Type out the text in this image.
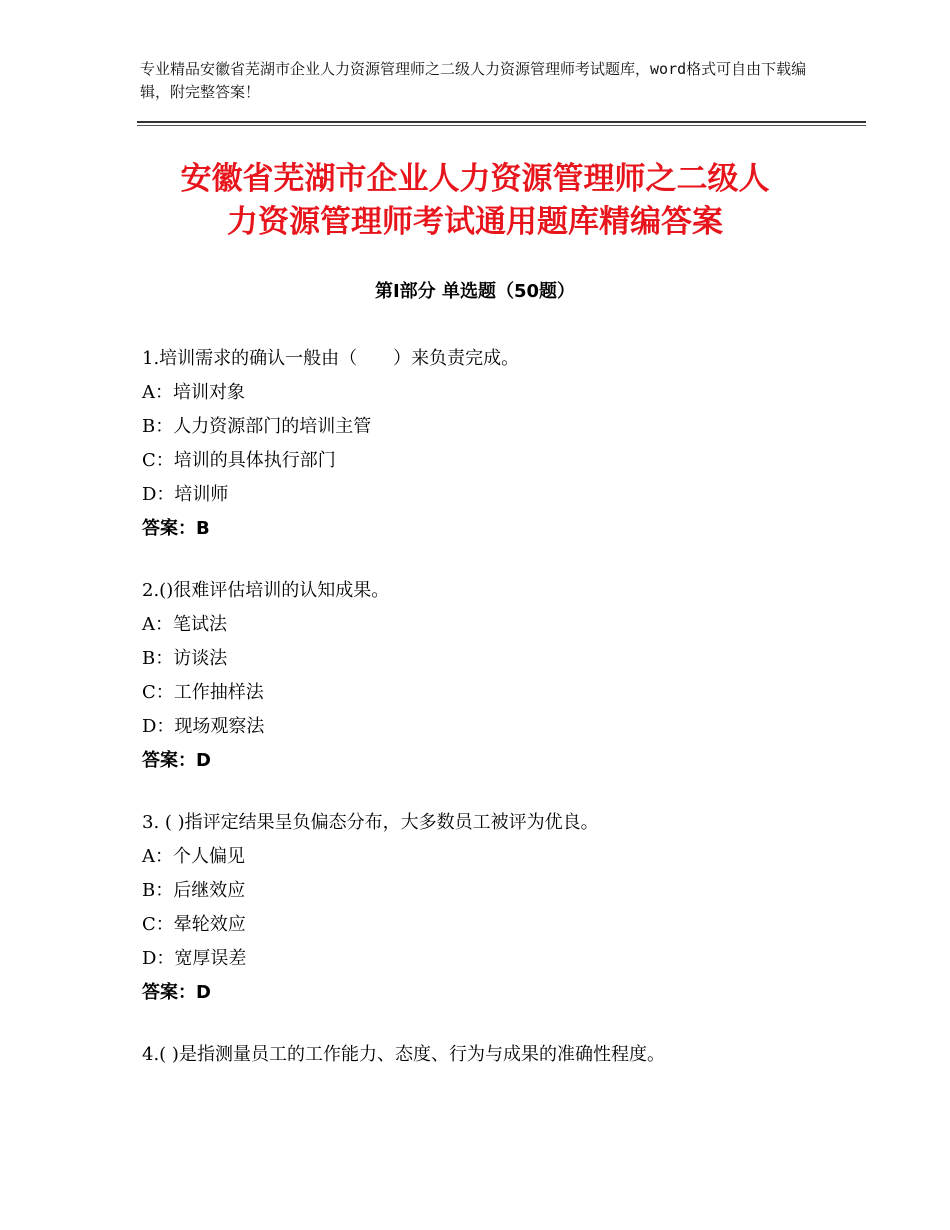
专业精品安徽省芜湖市企业人力资源管理师之二级人力资源管理师考试题库，word格式可自由下载编辑，附完整答案！
安徽省芜湖市企业人力资源管理师之二级人
力资源管理师考试通用题库精编答案
第Ⅰ部分 单选题（50题）
1.培训需求的确认一般由（　　）来负责完成。
A：培训对象
B：人力资源部门的培训主管
C：培训的具体执行部门
D：培训师
答案：B
2.()很难评估培训的认知成果。
A：笔试法
B：访谈法
C：工作抽样法
D：现场观察法
答案：D
3. ( )指评定结果呈负偏态分布，大多数员工被评为优良。
A：个人偏见
B：后继效应
C：晕轮效应
D：宽厚误差
答案：D
4.( )是指测量员工的工作能力、态度、行为与成果的准确性程度。
